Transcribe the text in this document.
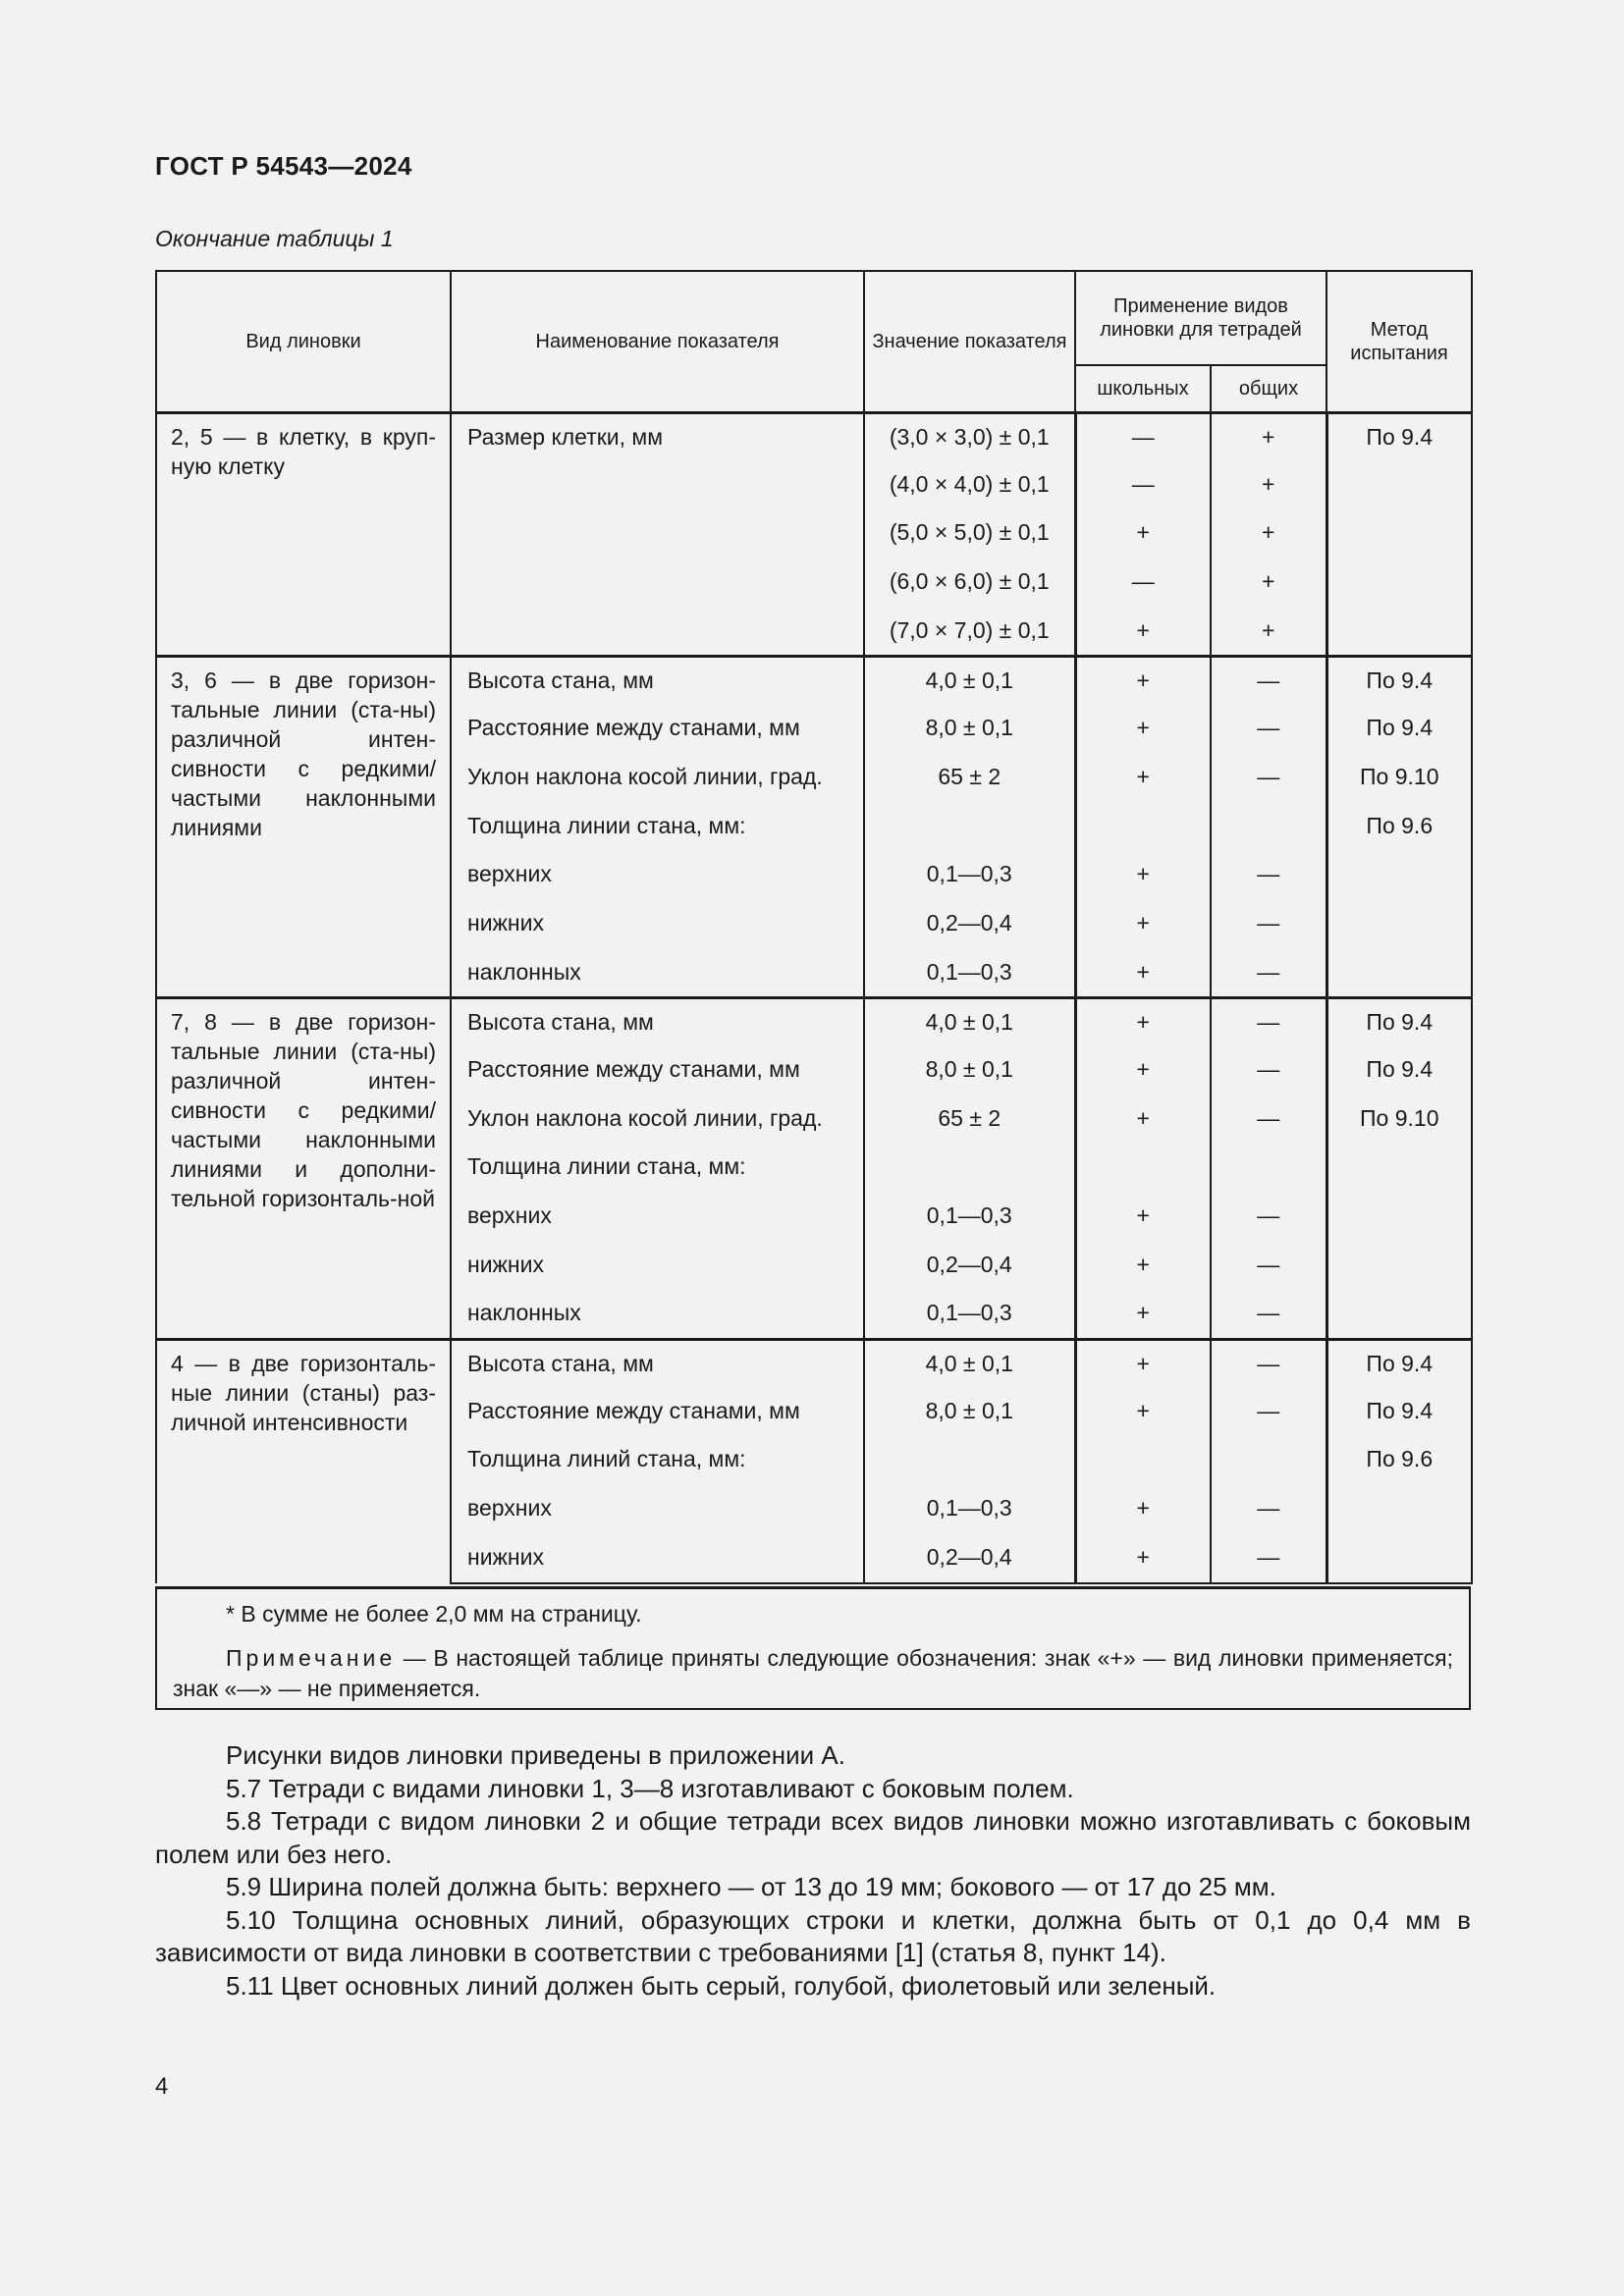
ГОСТ Р 54543—2024
Окончание таблицы 1
Вид линовки	Наименование показателя	Значение показателя	Применение видов линовки для тетрадей		Метод испытания
			школьных	общих	
2, 5 — в клетку, в круп-ную клетку	Размер клетки, мм	(3,0 × 3,0) ± 0,1	—	+	По 9.4
		(4,0 × 4,0) ± 0,1	—	+	
		(5,0 × 5,0) ± 0,1	+	+	
		(6,0 × 6,0) ± 0,1	—	+	
		(7,0 × 7,0) ± 0,1	+	+	
3, 6 — в две горизон-тальные линии (ста-ны) различной интен-сивности с редкими/ частыми наклонными линиями	Высота стана, мм	4,0 ± 0,1	+	—	По 9.4
	Расстояние между станами, мм	8,0 ± 0,1	+	—	По 9.4
	Уклон наклона косой линии, град.	65 ± 2	+	—	По 9.10
	Толщина линии стана, мм:				По 9.6
	верхних	0,1—0,3	+	—	
	нижних	0,2—0,4	+	—	
	наклонных	0,1—0,3	+	—	
7, 8 — в две горизон-тальные линии (ста-ны) различной интен-сивности с редкими/ частыми наклонными линиями и дополни-тельной горизонталь-ной	Высота стана, мм	4,0 ± 0,1	+	—	По 9.4
	Расстояние между станами, мм	8,0 ± 0,1	+	—	По 9.4
	Уклон наклона косой линии, град.	65 ± 2	+	—	По 9.10
	Толщина линии стана, мм:				
	верхних	0,1—0,3	+	—	
	нижних	0,2—0,4	+	—	
	наклонных	0,1—0,3	+	—	
4 — в две горизонталь-ные линии (станы) раз-личной интенсивности	Высота стана, мм	4,0 ± 0,1	+	—	По 9.4
	Расстояние между станами, мм	8,0 ± 0,1	+	—	По 9.4
	Толщина линий стана, мм:				По 9.6
	верхних	0,1—0,3	+	—	
	нижних	0,2—0,4	+	—	
* В сумме не более 2,0 мм на страницу.
Примечание — В настоящей таблице приняты следующие обозначения: знак «+» — вид линовки применяется; знак «—» — не применяется.

Рисунки видов линовки приведены в приложении А.

5.7 Тетради с видами линовки 1, 3—8 изготавливают с боковым полем.

5.8 Тетради с видом линовки 2 и общие тетради всех видов линовки можно изготавливать с боковым полем или без него.

5.9 Ширина полей должна быть: верхнего — от 13 до 19 мм; бокового — от 17 до 25 мм.

5.10 Толщина основных линий, образующих строки и клетки, должна быть от 0,1 до 0,4 мм в зависимости от вида линовки в соответствии с требованиями [1] (статья 8, пункт 14).

5.11 Цвет основных линий должен быть серый, голубой, фиолетовый или зеленый.

4
